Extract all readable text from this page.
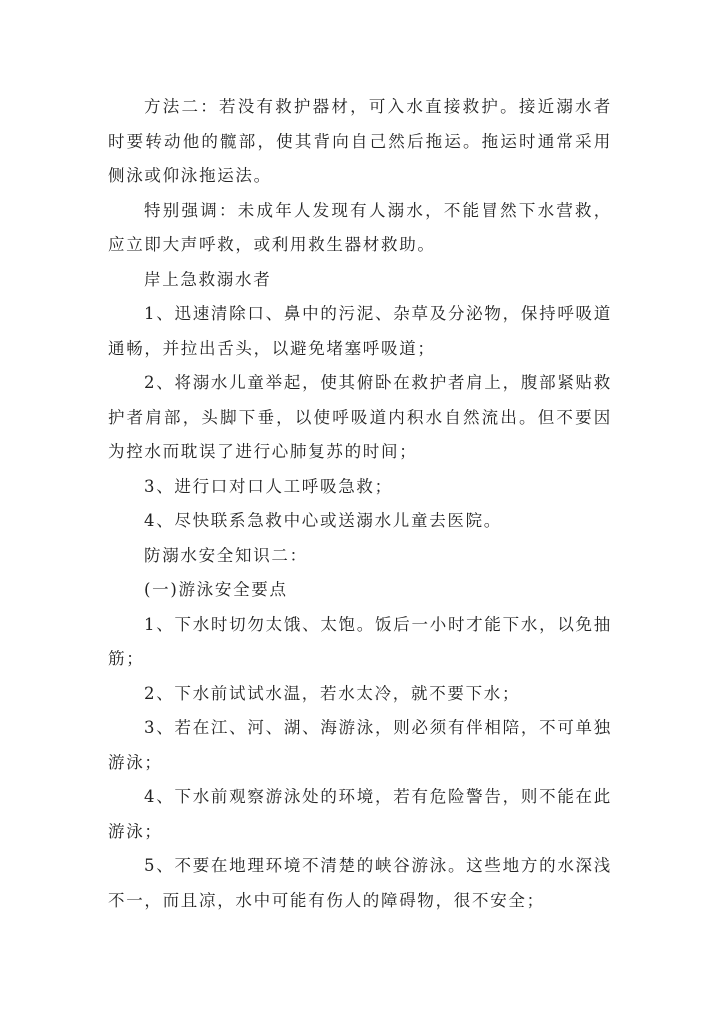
方法二：若没有救护器材，可入水直接救护。接近溺水者时要转动他的髋部，使其背向自己然后拖运。拖运时通常采用侧泳或仰泳拖运法。

特别强调：未成年人发现有人溺水，不能冒然下水营救，应立即大声呼救，或利用救生器材救助。

岸上急救溺水者

1、迅速清除口、鼻中的污泥、杂草及分泌物，保持呼吸道通畅，并拉出舌头，以避免堵塞呼吸道；

2、将溺水儿童举起，使其俯卧在救护者肩上，腹部紧贴救护者肩部，头脚下垂，以使呼吸道内积水自然流出。但不要因为控水而耽误了进行心肺复苏的时间；

3、进行口对口人工呼吸急救；

4、尽快联系急救中心或送溺水儿童去医院。

防溺水安全知识二：

(一)游泳安全要点

1、下水时切勿太饿、太饱。饭后一小时才能下水，以免抽筋；

2、下水前试试水温，若水太冷，就不要下水；

3、若在江、河、湖、海游泳，则必须有伴相陪，不可单独游泳；

4、下水前观察游泳处的环境，若有危险警告，则不能在此游泳；

5、不要在地理环境不清楚的峡谷游泳。这些地方的水深浅不一，而且凉，水中可能有伤人的障碍物，很不安全；
